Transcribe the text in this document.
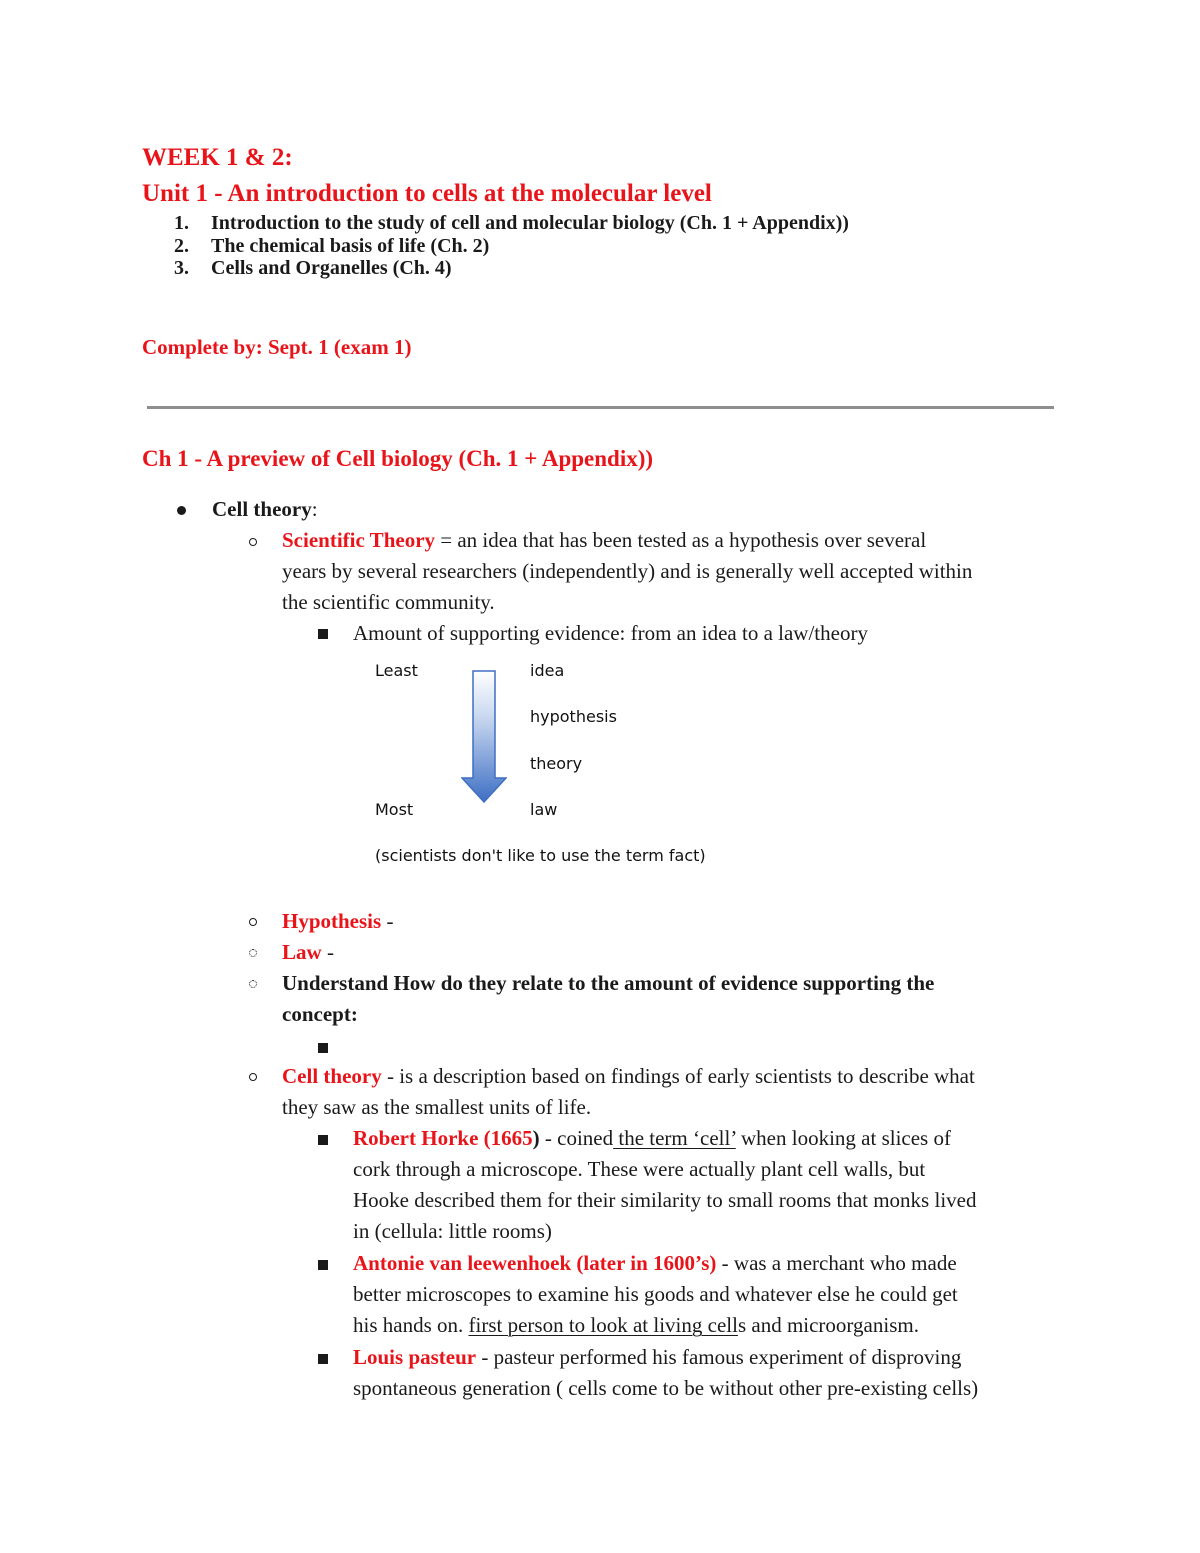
WEEK 1 & 2:
Unit 1 - An introduction to cells at the molecular level
1. Introduction to the study of cell and molecular biology (Ch. 1 + Appendix))
2. The chemical basis of life (Ch. 2)
3. Cells and Organelles (Ch. 4)
Complete by: Sept. 1 (exam 1)
Ch 1 - A preview of Cell biology (Ch. 1 + Appendix))
Cell theory:
Scientific Theory = an idea that has been tested as a hypothesis over several
years by several researchers (independently) and is generally well accepted within
the scientific community.
Amount of supporting evidence: from an idea to a law/theory
Least
Most
idea
hypothesis
theory
law
(scientists don't like to use the term fact)
Hypothesis -
Law -
Understand How do they relate to the amount of evidence supporting the
concept:
Cell theory - is a description based on findings of early scientists to describe what
they saw as the smallest units of life.
Robert Horke (1665) - coined the term ‘cell’ when looking at slices of
cork through a microscope. These were actually plant cell walls, but
Hooke described them for their similarity to small rooms that monks lived
in (cellula: little rooms)
Antonie van leewenhoek (later in 1600’s) - was a merchant who made
better microscopes to examine his goods and whatever else he could get
his hands on. first person to look at living cells and microorganism.
Louis pasteur - pasteur performed his famous experiment of disproving
spontaneous generation ( cells come to be without other pre-existing cells)
